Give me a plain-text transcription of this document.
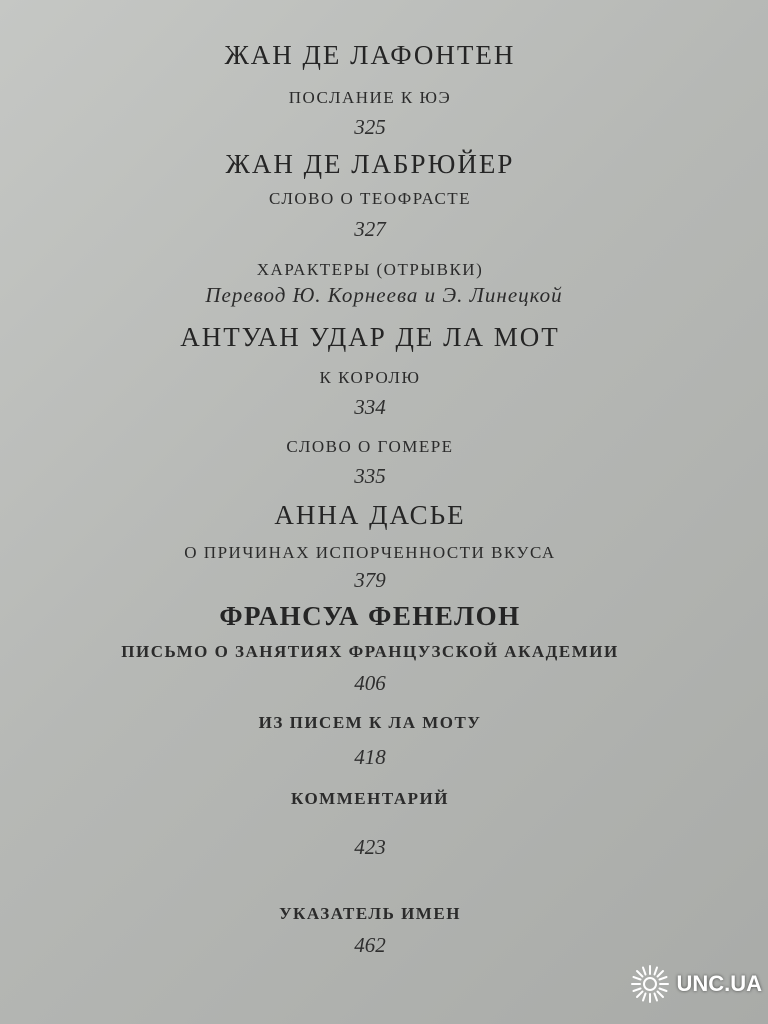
ЖАН ДЕ ЛАФОНТЕН
ПОСЛАНИЕ К ЮЭ
325
ЖАН ДЕ ЛАБРЮЙЕР
СЛОВО О ТЕОФРАСТЕ
327
ХАРАКТЕРЫ (ОТРЫВКИ)
Перевод Ю. Корнеева и Э. Линецкой
АНТУАН УДАР ДЕ ЛА МОТ
К КОРОЛЮ
334
СЛОВО О ГОМЕРЕ
335
АННА ДАСЬЕ
О ПРИЧИНАХ ИСПОРЧЕННОСТИ ВКУСА
379
ФРАНСУА ФЕНЕЛОН
ПИСЬМО О ЗАНЯТИЯХ ФРАНЦУЗСКОЙ АКАДЕМИИ
406
ИЗ ПИСЕМ К ЛА МОТУ
418
КОММЕНТАРИЙ
423
УКАЗАТЕЛЬ ИМЕН
462
UNC.UA
